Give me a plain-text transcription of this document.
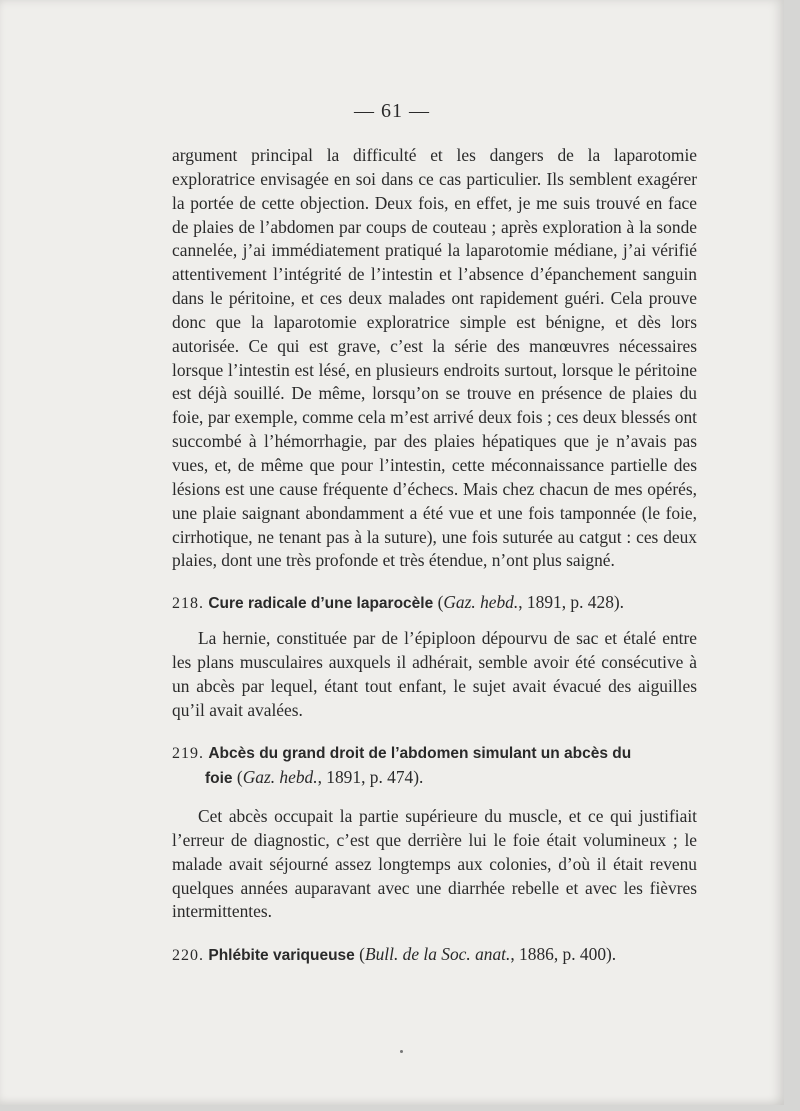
— 61 —

argument principal la difficulté et les dangers de la laparotomie exploratrice envisagée en soi dans ce cas particulier. Ils semblent exagérer la portée de cette objection. Deux fois, en effet, je me suis trouvé en face de plaies de l’abdomen par coups de couteau ; après exploration à la sonde cannelée, j’ai immédiatement pratiqué la laparotomie médiane, j’ai vérifié attentivement l’intégrité de l’intestin et l’absence d’épanchement sanguin dans le péritoine, et ces deux malades ont rapidement guéri. Cela prouve donc que la laparotomie exploratrice simple est bénigne, et dès lors autorisée. Ce qui est grave, c’est la série des manœuvres nécessaires lorsque l’intestin est lésé, en plusieurs endroits surtout, lorsque le péritoine est déjà souillé. De même, lorsqu’on se trouve en présence de plaies du foie, par exemple, comme cela m’est arrivé deux fois ; ces deux blessés ont succombé à l’hémorrhagie, par des plaies hépatiques que je n’avais pas vues, et, de même que pour l’intestin, cette méconnaissance partielle des lésions est une cause fréquente d’échecs. Mais chez chacun de mes opérés, une plaie saignant abondamment a été vue et une fois tamponnée (le foie, cirrhotique, ne tenant pas à la suture), une fois suturée au catgut : ces deux plaies, dont une très profonde et très étendue, n’ont plus saigné.

218. Cure radicale d’une laparocèle (Gaz. hebd., 1891, p. 428).

La hernie, constituée par de l’épiploon dépourvu de sac et étalé entre les plans musculaires auxquels il adhérait, semble avoir été consécutive à un abcès par lequel, étant tout enfant, le sujet avait évacué des aiguilles qu’il avait avalées.

219. Abcès du grand droit de l’abdomen simulant un abcès du
foie (Gaz. hebd., 1891, p. 474).

Cet abcès occupait la partie supérieure du muscle, et ce qui justifiait l’erreur de diagnostic, c’est que derrière lui le foie était volumineux ; le malade avait séjourné assez longtemps aux colonies, d’où il était revenu quelques années auparavant avec une diarrhée rebelle et avec les fièvres intermittentes.

220. Phlébite variqueuse (Bull. de la Soc. anat., 1886, p. 400).
